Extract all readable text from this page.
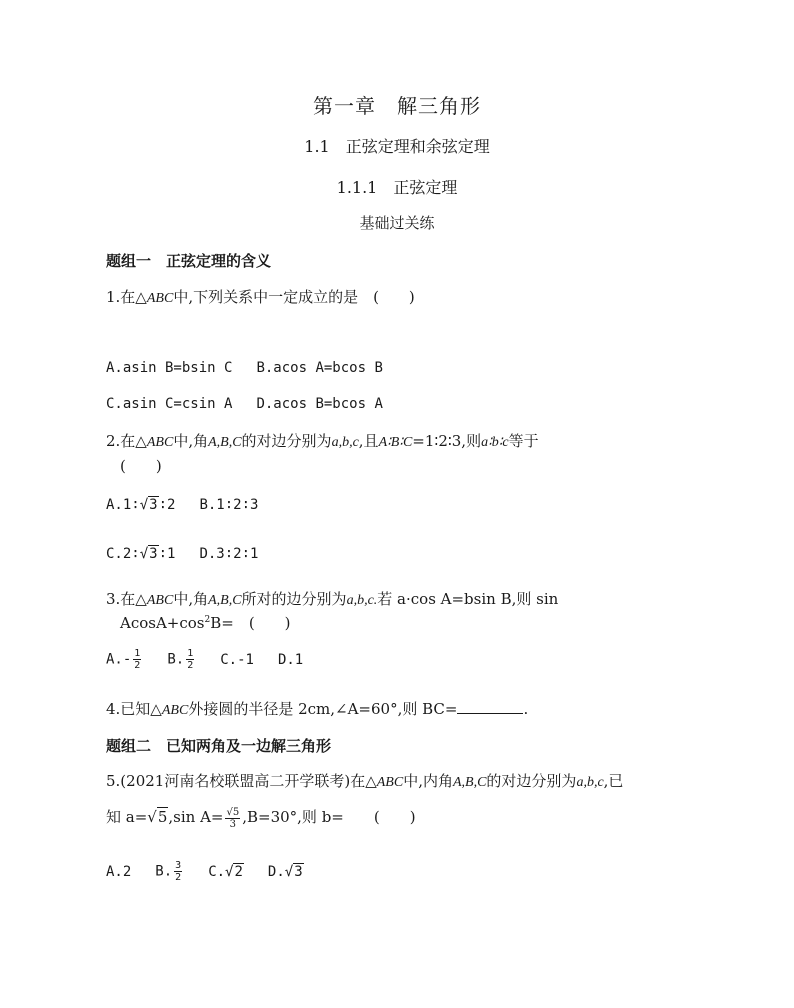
第一章　解三角形
1.1　正弦定理和余弦定理
1.1.1　正弦定理
基础过关练
题组一　正弦定理的含义
1.在△ABC中,下列关系中一定成立的是　(　　)
A.asin B=bsin C B.acos A=bcos B
C.asin C=csin A D.acos B=bcos A
2.在△ABC中,角A,B,C的对边分别为a,b,c,且A∶B∶C=1∶2∶3,则a∶b∶c等于
(　　)
A.1∶√3∶2 B.1∶2∶3
C.2∶√3∶1 D.3∶2∶1
3.在△ABC中,角A,B,C所对的边分别为a,b,c.若 a·cos A=bsin B,则 sin
$AcosA+\cos^2B=$　(　　)
$A.- \frac{1}{2} B$. $\frac{1}{2} C.-1$ D.1
4.已知△ABC外接圆的半径是 2cm,∠A=60°,则 BC=	.
题组二　已知两角及一边解三角形
5.(2021河南名校联盟高二开学联考)在△ABC中,内角A,B,C的对边分别为a,b,c,已
知 a=√5,sin $A= \frac{√5}{3} ,B=30^\circ$,则 b=　　(　　)
A.2 B. $\frac{3}{2} C.√2$ D.√3
